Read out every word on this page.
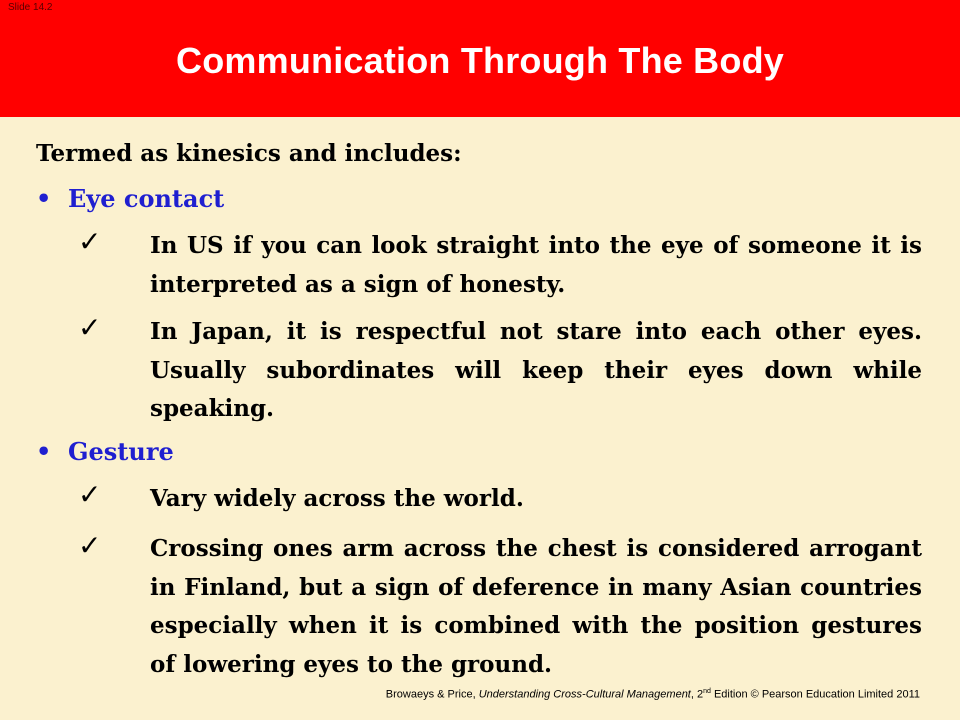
Slide 14.2
Communication Through The Body
Termed as kinesics and includes:
• Eye contact
✓ In US if you can look straight into the eye of someone it is interpreted as a sign of honesty.
✓ In Japan, it is respectful not stare into each other eyes. Usually subordinates will keep their eyes down while speaking.
• Gesture
✓ Vary widely across the world.
✓ Crossing ones arm across the chest is considered arrogant in Finland, but a sign of deference in many Asian countries especially when it is combined with the position gestures of lowering eyes to the ground.
Browaeys & Price, Understanding Cross-Cultural Management, 2nd Edition © Pearson Education Limited 2011
